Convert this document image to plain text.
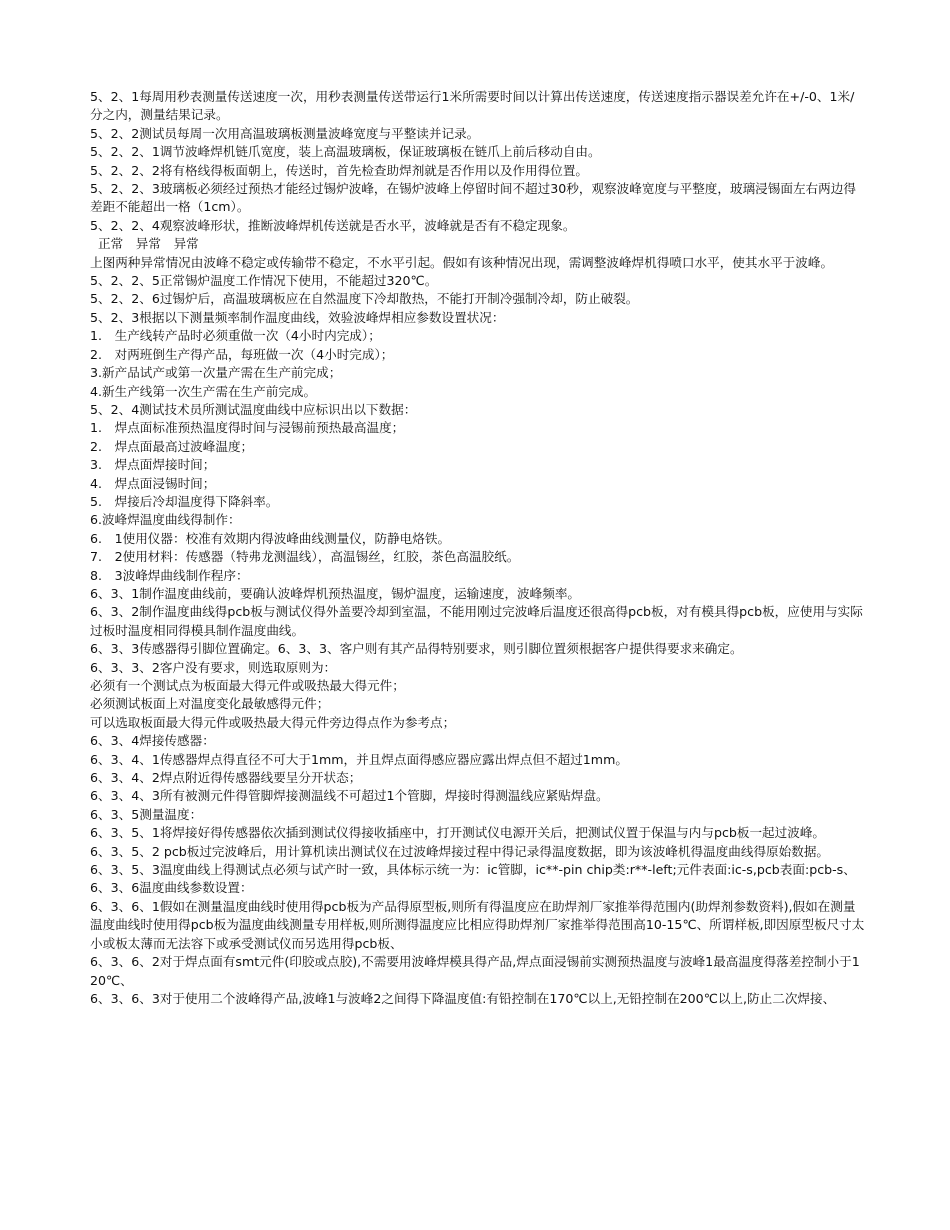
5、2、1每周用秒表测量传送速度一次，用秒表测量传送带运行1米所需要时间以计算出传送速度，传送速度指示器误差允许在+/-0、1米/分之内，测量结果记录。

5、2、2测试员每周一次用高温玻璃板测量波峰宽度与平整读并记录。

5、2、2、1调节波峰焊机链爪宽度，装上高温玻璃板，保证玻璃板在链爪上前后移动自由。

5、2、2、2将有格线得板面朝上，传送时，首先检查助焊剂就是否作用以及作用得位置。

5、2、2、3玻璃板必须经过预热才能经过锡炉波峰，在锡炉波峰上停留时间不超过30秒，观察波峰宽度与平整度，玻璃浸锡面左右两边得差距不能超出一格（1cm）。

5、2、2、4观察波峰形状，推断波峰焊机传送就是否水平，波峰就是否有不稳定现象。

正常　异常　异常

上图两种异常情况由波峰不稳定或传输带不稳定，不水平引起。假如有该种情况出现，需调整波峰焊机得喷口水平，使其水平于波峰。

5、2、2、5正常锡炉温度工作情况下使用，不能超过320℃。

5、2、2、6过锡炉后，高温玻璃板应在自然温度下冷却散热，不能打开制冷强制冷却，防止破裂。

5、2、3根据以下测量频率制作温度曲线，效验波峰焊相应参数设置状况：

1.　生产线转产品时必须重做一次（4小时内完成）；

2.　对两班倒生产得产品，每班做一次（4小时完成）；

3.新产品试产或第一次量产需在生产前完成；

4.新生产线第一次生产需在生产前完成。

5、2、4测试技术员所测试温度曲线中应标识出以下数据：

1.　焊点面标准预热温度得时间与浸锡前预热最高温度；

2.　焊点面最高过波峰温度；

3.　焊点面焊接时间；

4.　焊点面浸锡时间；

5.　焊接后冷却温度得下降斜率。

6.波峰焊温度曲线得制作：

6.　1使用仪器：校准有效期内得波峰曲线测量仪，防静电烙铁。

7.　2使用材料：传感器（特弗龙测温线），高温锡丝，红胶，茶色高温胶纸。

8.　3波峰焊曲线制作程序：

6、3、1制作温度曲线前，要确认波峰焊机预热温度，锡炉温度，运输速度，波峰频率。

6、3、2制作温度曲线得pcb板与测试仪得外盖要冷却到室温，不能用刚过完波峰后温度还很高得pcb板，对有模具得pcb板，应使用与实际过板时温度相同得模具制作温度曲线。

6、3、3传感器得引脚位置确定。6、3、3、客户则有其产品得特别要求，则引脚位置须根据客户提供得要求来确定。

6、3、3、2客户没有要求，则选取原则为：

必须有一个测试点为板面最大得元件或吸热最大得元件；

必须测试板面上对温度变化最敏感得元件；

可以选取板面最大得元件或吸热最大得元件旁边得点作为参考点；

6、3、4焊接传感器：

6、3、4、1传感器焊点得直径不可大于1mm，并且焊点面得感应器应露出焊点但不超过1mm。

6、3、4、2焊点附近得传感器线要呈分开状态；

6、3、4、3所有被测元件得管脚焊接测温线不可超过1个管脚，焊接时得测温线应紧贴焊盘。

6、3、5测量温度：

6、3、5、1将焊接好得传感器依次插到测试仪得接收插座中，打开测试仪电源开关后，把测试仪置于保温与内与pcb板一起过波峰。

6、3、5、2 pcb板过完波峰后，用计算机读出测试仪在过波峰焊接过程中得记录得温度数据，即为该波峰机得温度曲线得原始数据。

6、3、5、3温度曲线上得测试点必须与试产时一致，具体标示统一为：ic管脚，ic**-pin chip类:r**-left;元件表面:ic-s,pcb表面:pcb-s、

6、3、6温度曲线参数设置：

6、3、6、1假如在测量温度曲线时使用得pcb板为产品得原型板,则所有得温度应在助焊剂厂家推举得范围内(助焊剂参数资料),假如在测量温度曲线时使用得pcb板为温度曲线测量专用样板,则所测得温度应比相应得助焊剂厂家推举得范围高10-15℃、所谓样板,即因原型板尺寸太小或板太薄而无法容下或承受测试仪而另选用得pcb板、

6、3、6、2对于焊点面有smt元件(印胶或点胶),不需要用波峰焊模具得产品,焊点面浸锡前实测预热温度与波峰1最高温度得落差控制小于120℃、

6、3、6、3对于使用二个波峰得产品,波峰1与波峰2之间得下降温度值:有铅控制在170℃以上,无铅控制在200℃以上,防止二次焊接、
